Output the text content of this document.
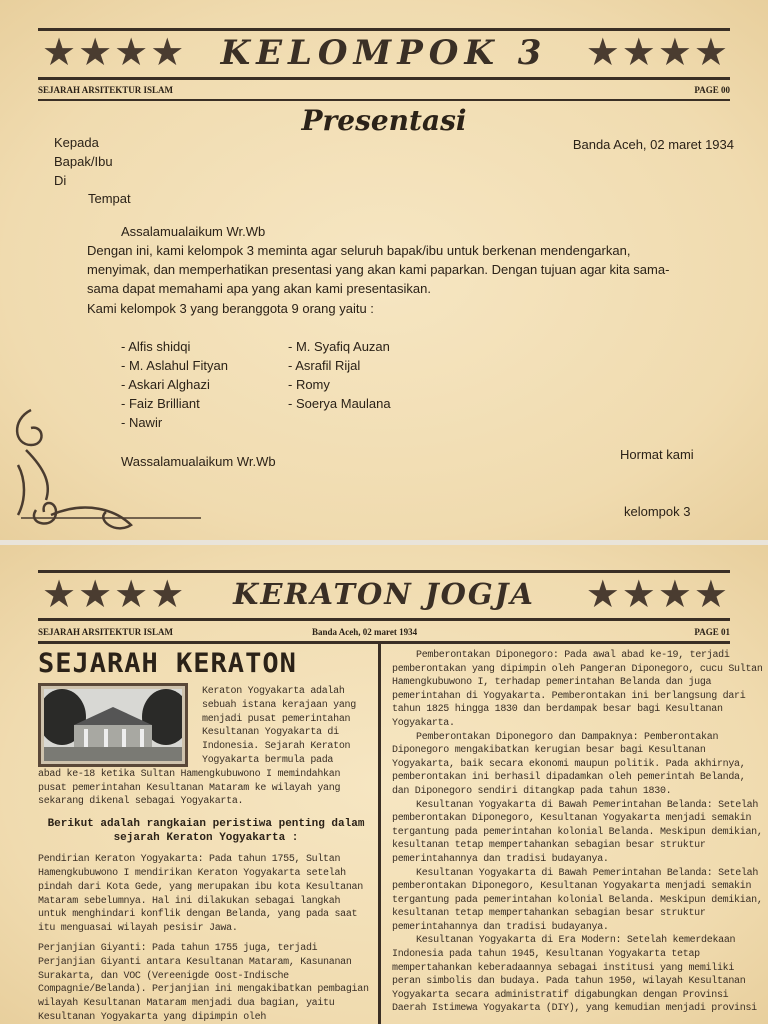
★★★★	KELOMPOK 3	★★★★
SEJARAH ARSITEKTUR ISLAM	PAGE 00
Presentasi
Kepada
Bapak/Ibu
Di
Tempat
Banda Aceh, 02 maret 1934
Assalamualaikum Wr.Wb
Dengan ini, kami kelompok 3 meminta agar seluruh bapak/ibu untuk berkenan mendengarkan, menyimak, dan memperhatikan presentasi yang akan kami paparkan. Dengan tujuan agar kita sama-sama dapat memahami apa yang akan kami presentasikan.
Kami kelompok 3 yang beranggota 9 orang yaitu :
- Alfis shidqi
- M. Aslahul Fityan
- Askari Alghazi
- Faiz Brilliant
- Nawir
- M. Syafiq Auzan
- Asrafil Rijal
- Romy
- Soerya Maulana
Wassalamualaikum Wr.Wb	Hormat kami
kelompok 3
★★★★	KERATON JOGJA	★★★★
SEJARAH ARSITEKTUR ISLAM	Banda Aceh, 02 maret 1934	PAGE 01
SEJARAH KERATON
Keraton Yogyakarta adalah sebuah istana kerajaan yang menjadi pusat pemerintahan Kesultanan Yogyakarta di Indonesia. Sejarah Keraton Yogyakarta bermula pada
abad ke-18 ketika Sultan Hamengkubuwono I memindahkan pusat pemerintahan Kesultanan Mataram ke wilayah yang sekarang dikenal sebagai Yogyakarta.
Berikut adalah rangkaian peristiwa penting dalam sejarah Keraton Yogyakarta :

Pendirian Keraton Yogyakarta: Pada tahun 1755, Sultan Hamengkubuwono I mendirikan Keraton Yogyakarta setelah pindah dari Kota Gede, yang merupakan ibu kota Kesultanan Mataram sebelumnya. Hal ini dilakukan sebagai langkah untuk menghindari konflik dengan Belanda, yang pada saat itu menguasai wilayah pesisir Jawa.

Perjanjian Giyanti: Pada tahun 1755 juga, terjadi Perjanjian Giyanti antara Kesultanan Mataram, Kasunanan Surakarta, dan VOC (Vereenigde Oost-Indische Compagnie/Belanda). Perjanjian ini mengakibatkan pembagian wilayah Kesultanan Mataram menjadi dua bagian, yaitu Kesultanan Yogyakarta yang dipimpin oleh

Pemberontakan Diponegoro: Pada awal abad ke-19, terjadi pemberontakan yang dipimpin oleh Pangeran Diponegoro, cucu Sultan Hamengkubuwono I, terhadap pemerintahan Belanda dan juga pemerintahan di Yogyakarta. Pemberontakan ini berlangsung dari tahun 1825 hingga 1830 dan berdampak besar bagi Kesultanan Yogyakarta.

Pemberontakan Diponegoro dan Dampaknya: Pemberontakan Diponegoro mengakibatkan kerugian besar bagi Kesultanan Yogyakarta, baik secara ekonomi maupun politik. Pada akhirnya, pemberontakan ini berhasil dipadamkan oleh pemerintah Belanda, dan Diponegoro sendiri ditangkap pada tahun 1830.

Kesultanan Yogyakarta di Bawah Pemerintahan Belanda: Setelah pemberontakan Diponegoro, Kesultanan Yogyakarta menjadi semakin tergantung pada pemerintahan kolonial Belanda. Meskipun demikian, kesultanan tetap mempertahankan sebagian besar struktur pemerintahannya dan tradisi budayanya.

Kesultanan Yogyakarta di Bawah Pemerintahan Belanda: Setelah pemberontakan Diponegoro, Kesultanan Yogyakarta menjadi semakin tergantung pada pemerintahan kolonial Belanda. Meskipun demikian, kesultanan tetap mempertahankan sebagian besar struktur pemerintahannya dan tradisi budayanya.

Kesultanan Yogyakarta di Era Modern: Setelah kemerdekaan Indonesia pada tahun 1945, Kesultanan Yogyakarta tetap mempertahankan keberadaannya sebagai institusi yang memiliki peran simbolis dan budaya. Pada tahun 1950, wilayah Kesultanan Yogyakarta secara administratif digabungkan dengan Provinsi Daerah Istimewa Yogyakarta (DIY), yang kemudian menjadi provinsi
